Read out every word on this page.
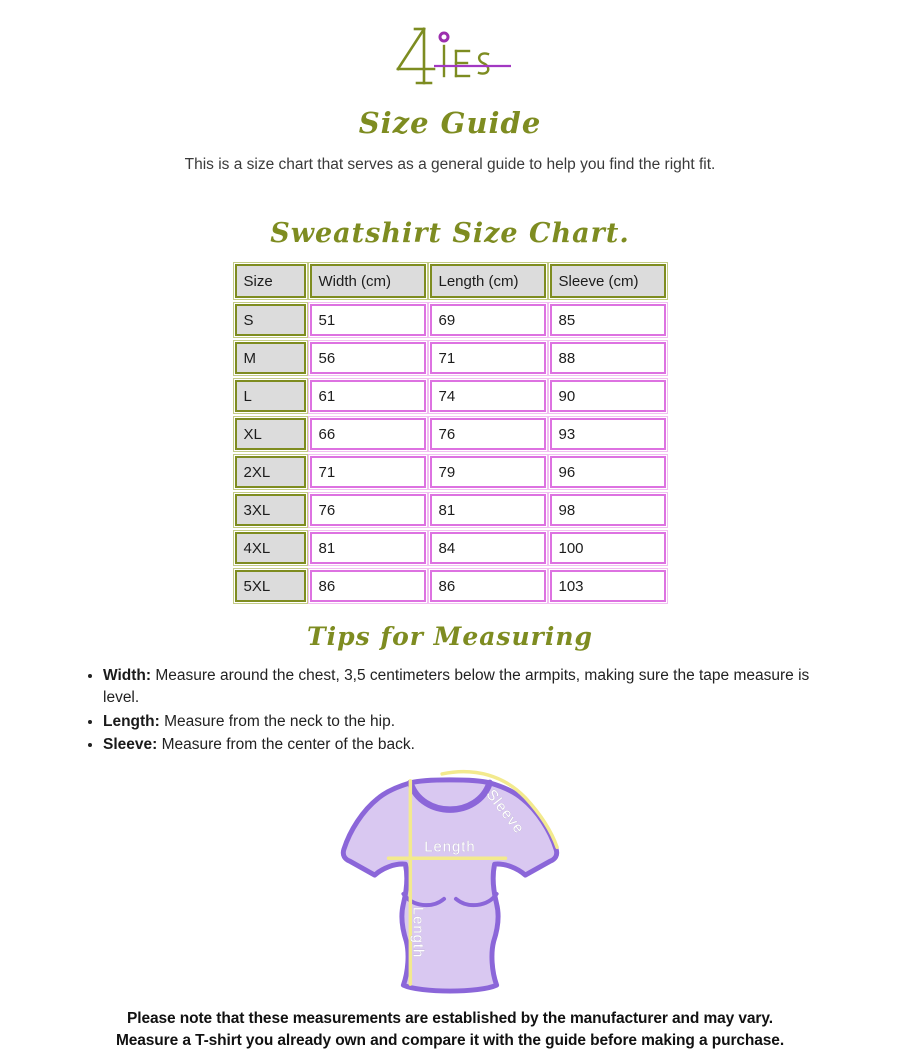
Size Guide

This is a size chart that serves as a general guide to help you find the right fit.

Sweatshirt Size Chart.
Size	Width (cm)	Length (cm)	Sleeve (cm)
S	51	69	85
M	56	71	88
L	61	74	90
XL	66	76	93
2XL	71	79	96
3XL	76	81	98
4XL	81	84	100
5XL	86	86	103
Tips for Measuring
• Width: Measure around the chest, 3,5 centimeters below the armpits, making sure the tape measure is level.
• Length: Measure from the neck to the hip.
• Sleeve: Measure from the center of the back.
Length
Length
Sleeve
Please note that these measurements are established by the manufacturer and may vary.
Measure a T-shirt you already own and compare it with the guide before making a purchase.
